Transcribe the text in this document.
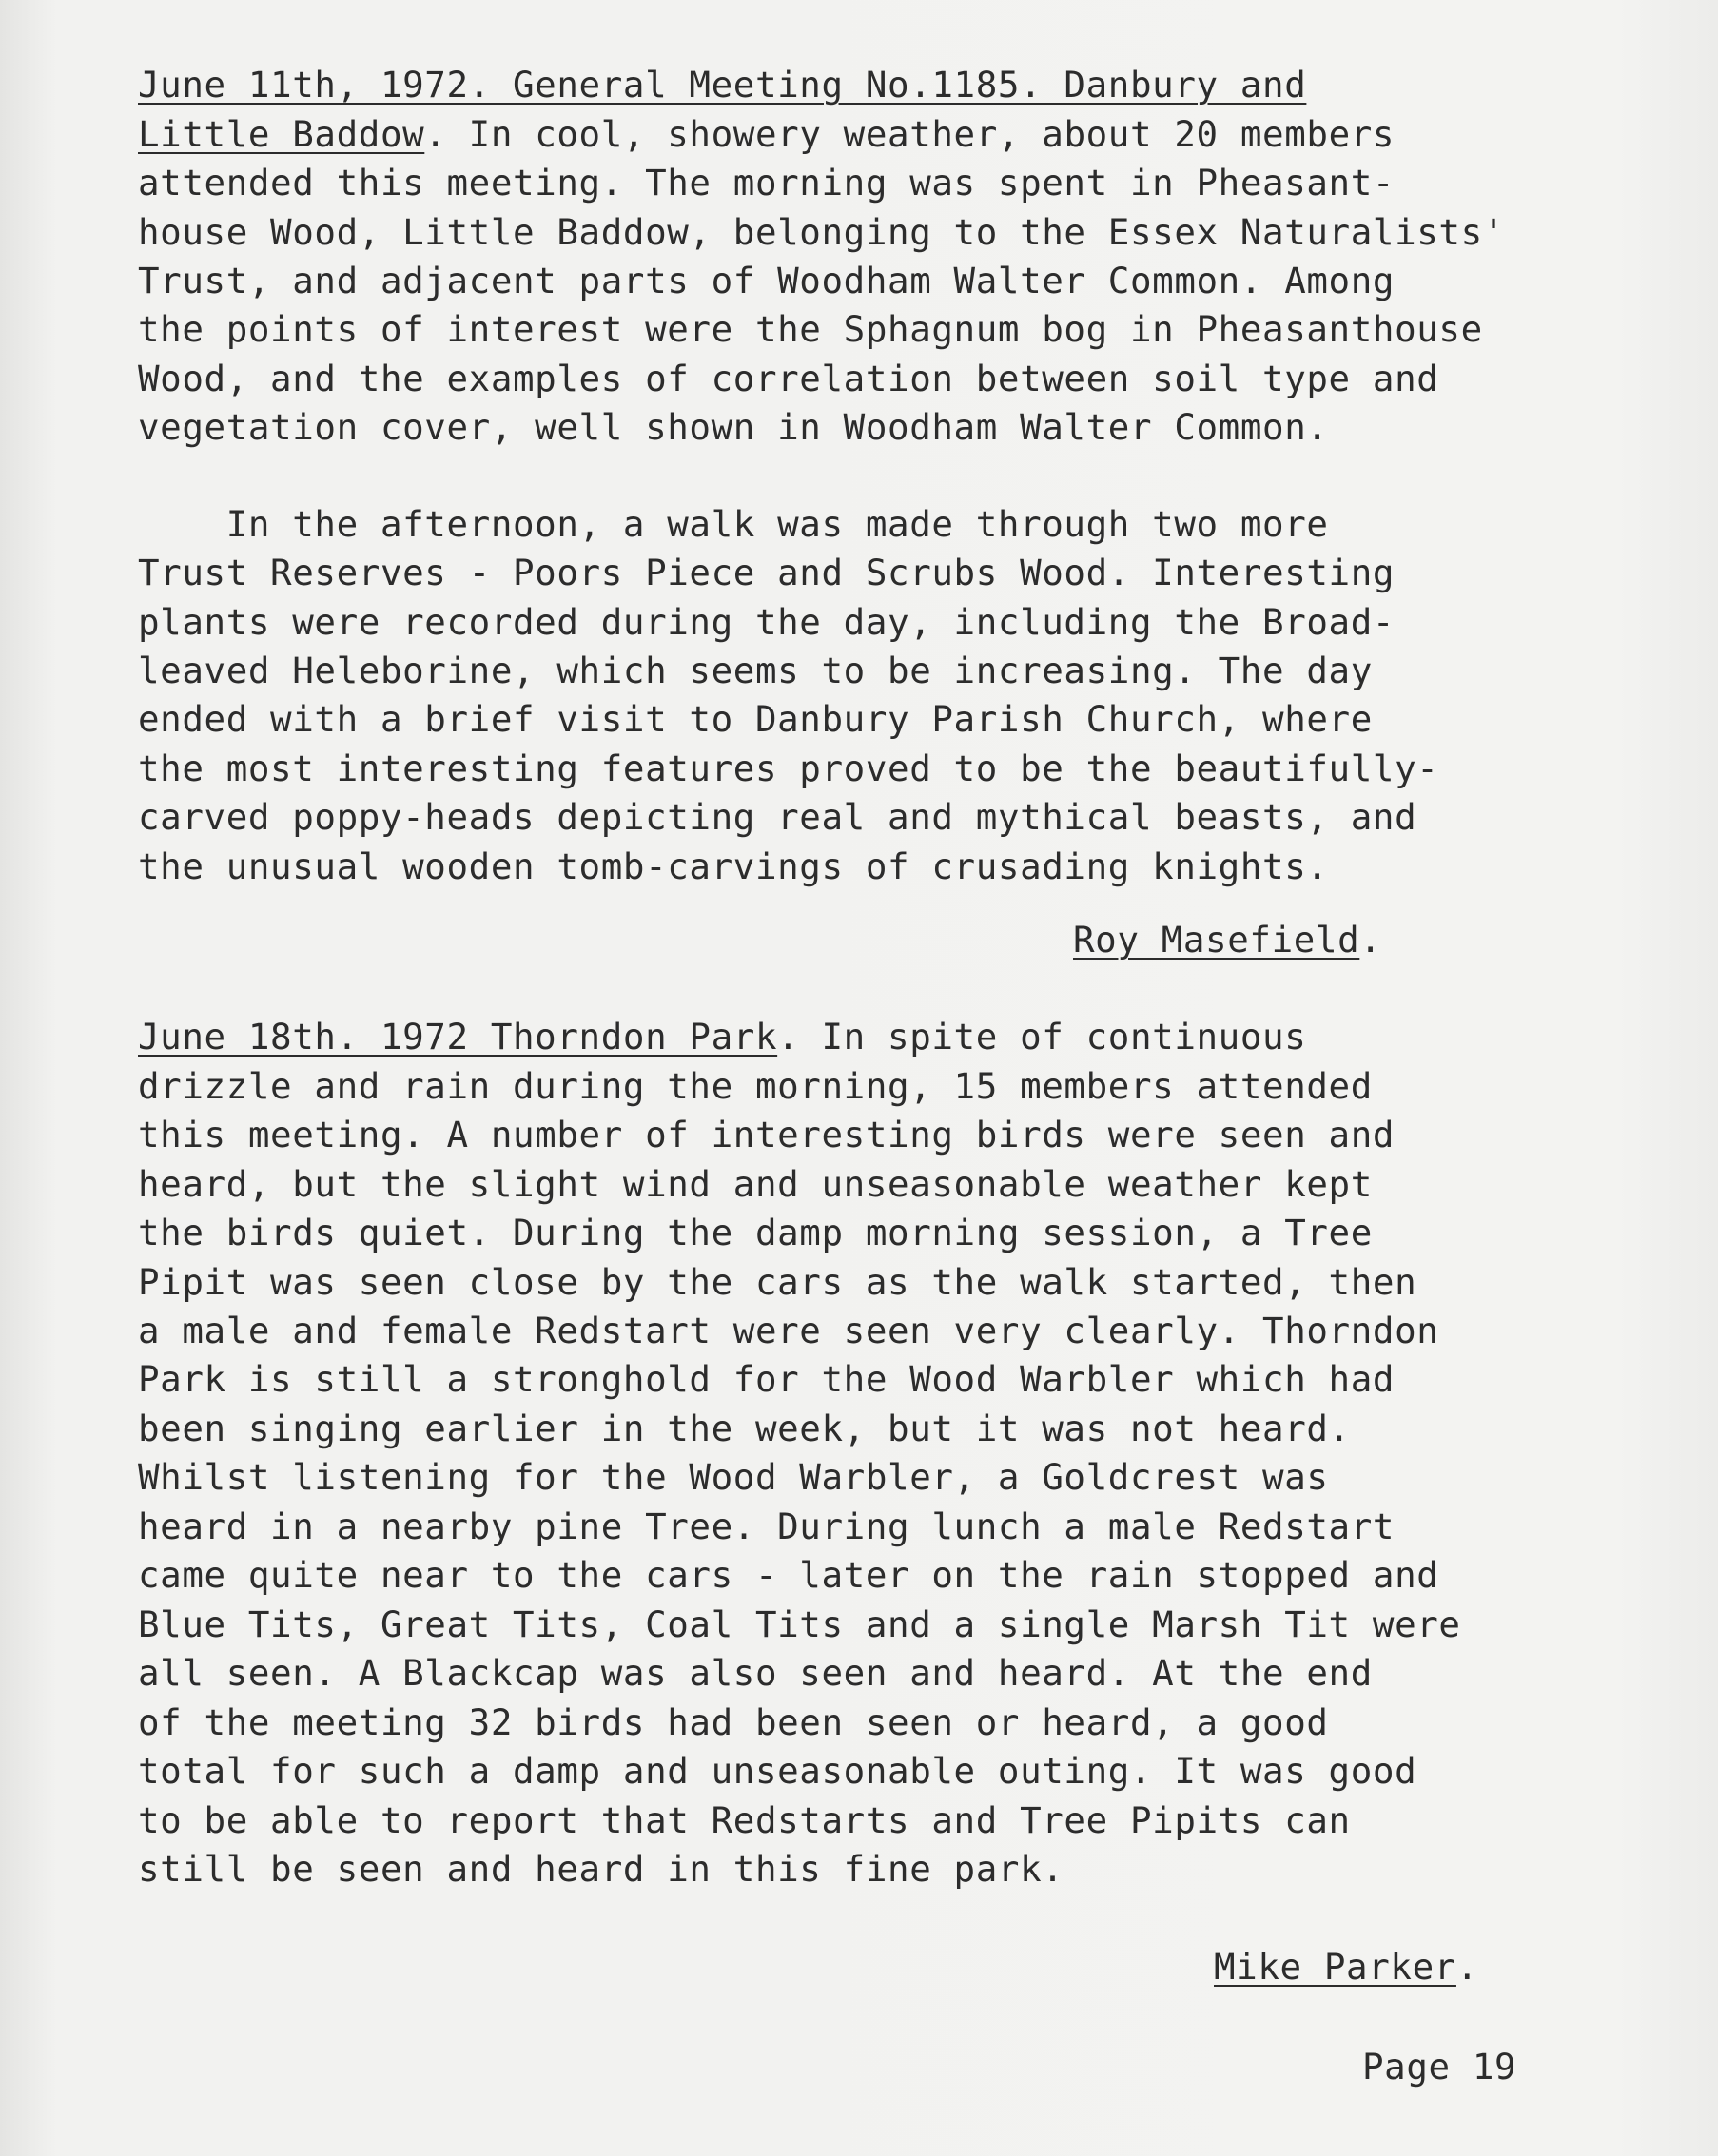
June 11th, 1972. General Meeting No.1185. Danbury and
Little Baddow. In cool, showery weather, about 20 members
attended this meeting. The morning was spent in Pheasant-
house Wood, Little Baddow, belonging to the Essex Naturalists'
Trust, and adjacent parts of Woodham Walter Common. Among
the points of interest were the Sphagnum bog in Pheasanthouse
Wood, and the examples of correlation between soil type and
vegetation cover, well shown in Woodham Walter Common.
In the afternoon, a walk was made through two more
Trust Reserves - Poors Piece and Scrubs Wood. Interesting
plants were recorded during the day, including the Broad-
leaved Heleborine, which seems to be increasing. The day
ended with a brief visit to Danbury Parish Church, where
the most interesting features proved to be the beautifully-
carved poppy-heads depicting real and mythical beasts, and
the unusual wooden tomb-carvings of crusading knights.
Roy Masefield.
June 18th. 1972 Thorndon Park. In spite of continuous
drizzle and rain during the morning, 15 members attended
this meeting. A number of interesting birds were seen and
heard, but the slight wind and unseasonable weather kept
the birds quiet. During the damp morning session, a Tree
Pipit was seen close by the cars as the walk started, then
a male and female Redstart were seen very clearly. Thorndon
Park is still a stronghold for the Wood Warbler which had
been singing earlier in the week, but it was not heard.
Whilst listening for the Wood Warbler, a Goldcrest was
heard in a nearby pine Tree. During lunch a male Redstart
came quite near to the cars - later on the rain stopped and
Blue Tits, Great Tits, Coal Tits and a single Marsh Tit were
all seen. A Blackcap was also seen and heard. At the end
of the meeting 32 birds had been seen or heard, a good
total for such a damp and unseasonable outing. It was good
to be able to report that Redstarts and Tree Pipits can
still be seen and heard in this fine park.
Mike Parker.
Page 19
